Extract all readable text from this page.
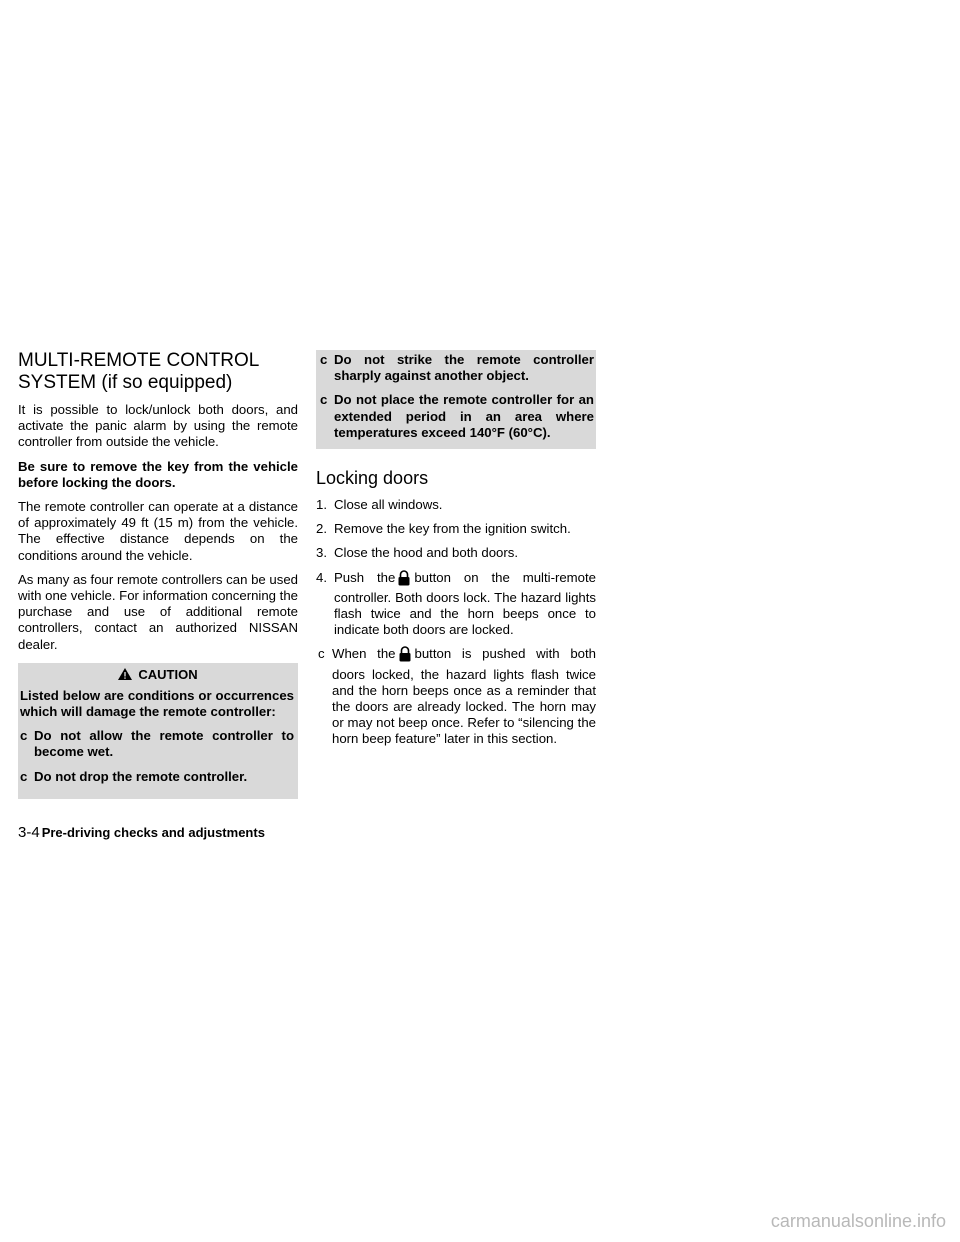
MULTI-REMOTE CONTROL SYSTEM (if so equipped)

It is possible to lock/unlock both doors, and activate the panic alarm by using the remote controller from outside the vehicle.

Be sure to remove the key from the vehicle before locking the doors.

The remote controller can operate at a distance of approximately 49 ft (15 m) from the vehicle. The effective distance depends on the conditions around the vehicle.

As many as four remote controllers can be used with one vehicle. For information concerning the purchase and use of additional remote controllers, contact an authorized NISSAN dealer.

CAUTION

Listed below are conditions or occurrences which will damage the remote controller:

c Do not allow the remote controller to become wet.
c Do not drop the remote controller.
c Do not strike the remote controller sharply against another object.
c Do not place the remote controller for an extended period in an area where temperatures exceed 140°F (60°C).
Locking doors
1. Close all windows.
2. Remove the key from the ignition switch.
3. Close the hood and both doors.
4. Push the button on the multi-remote controller. Both doors lock. The hazard lights flash twice and the horn beeps once to indicate both doors are locked.
c When the button is pushed with both doors locked, the hazard lights flash twice and the horn beeps once as a reminder that the doors are already locked. The horn may or may not beep once. Refer to “silencing the horn beep feature” later in this section.
3-4 Pre-driving checks and adjustments
carmanualsonline.info
